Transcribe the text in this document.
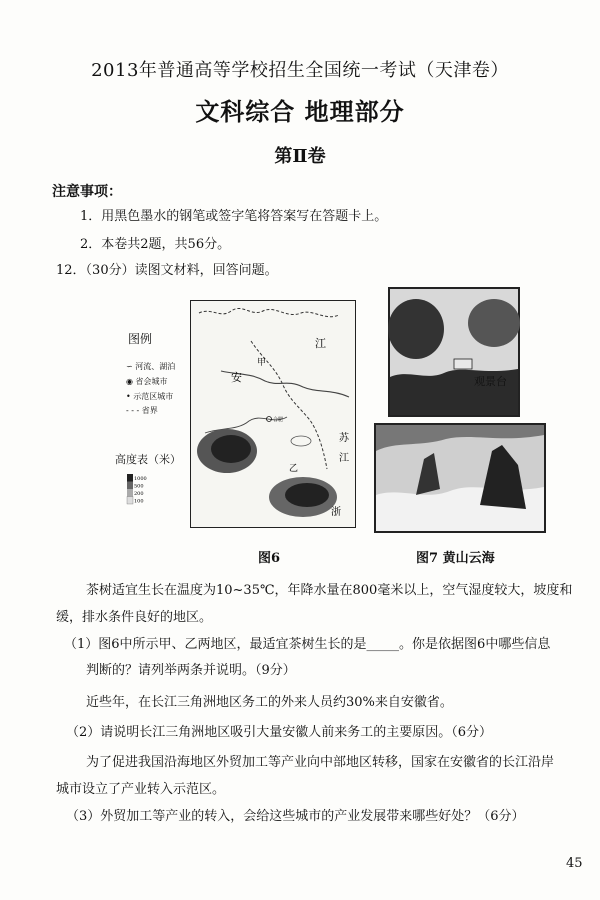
2013年普通高等学校招生全国统一考试（天津卷）
文科综合 地理部分
第Ⅱ卷
注意事项：
1．用黑色墨水的钢笔或签字笔将答案写在答题卡上。
2．本卷共2题，共56分。
12．（30分）读图文材料，回答问题。
图例
∽ 河流、湖泊
◉ 省会城市
• 示范区城市
- - - 省界
高度表（米）
1000
500
200
100
江
甲
安
合肥
苏
乙
江
浙
观景台
图6	图7 黄山云海
茶树适宜生长在温度为10~35℃，年降水量在800毫米以上，空气湿度较大，坡度和
缓，排水条件良好的地区。
（1）图6中所示甲、乙两地区，最适宜茶树生长的是_____。你是依据图6中哪些信息
判断的？请列举两条并说明。（9分）
近些年，在长江三角洲地区务工的外来人员约30%来自安徽省。
（2）请说明长江三角洲地区吸引大量安徽人前来务工的主要原因。（6分）
为了促进我国沿海地区外贸加工等产业向中部地区转移，国家在安徽省的长江沿岸
城市设立了产业转入示范区。
（3）外贸加工等产业的转入，会给这些城市的产业发展带来哪些好处？（6分）
45
